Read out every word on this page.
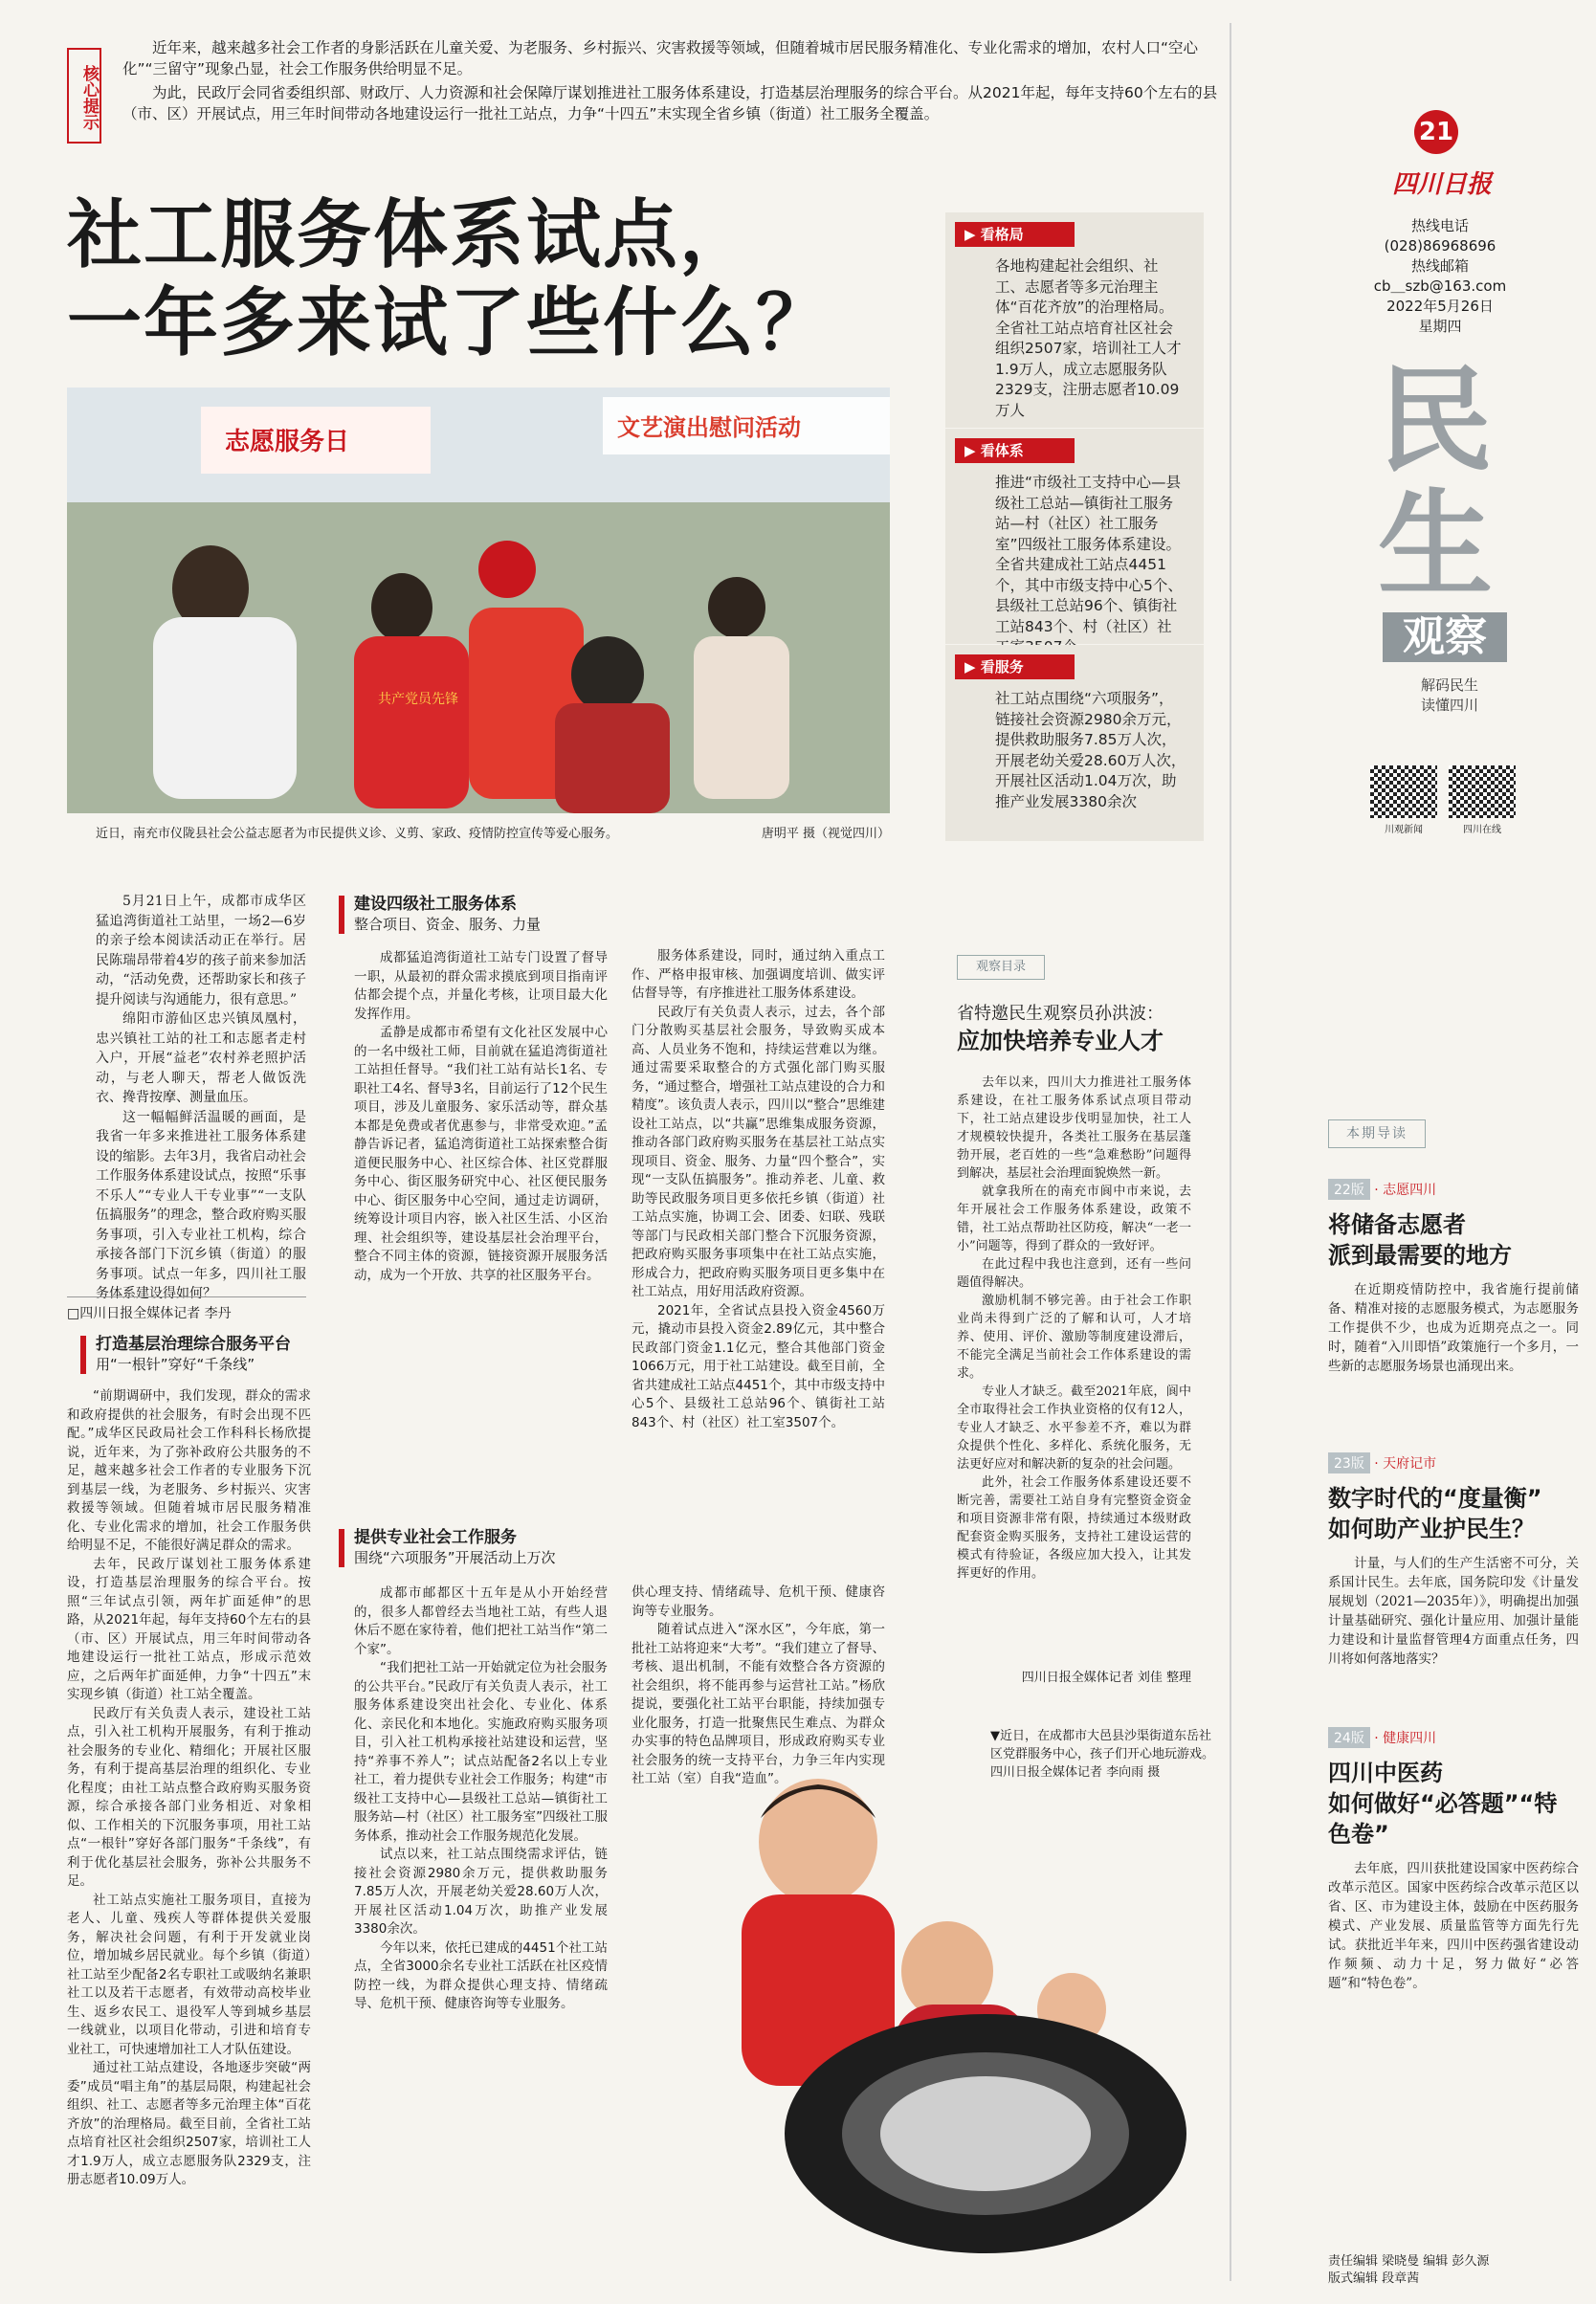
核心提示

近年来，越来越多社会工作者的身影活跃在儿童关爱、为老服务、乡村振兴、灾害救援等领域，但随着城市居民服务精准化、专业化需求的增加，农村人口“空心化”“三留守”现象凸显，社会工作服务供给明显不足。

为此，民政厅会同省委组织部、财政厅、人力资源和社会保障厅谋划推进社工服务体系建设，打造基层治理服务的综合平台。从2021年起，每年支持60个左右的县（市、区）开展试点，用三年时间带动各地建设运行一批社工站点，力争“十四五”末实现全省乡镇（街道）社工服务全覆盖。

社工服务体系试点，
一年多来试了些什么？
志愿服务日	文艺演出慰问活动
共产党员先锋
近日，南充市仪陇县社会公益志愿者为市民提供义诊、义剪、家政、疫情防控宣传等爱心服务。	唐明平 摄（视觉四川）
▶ 看格局
各地构建起社会组织、社工、志愿者等多元治理主体“百花齐放”的治理格局。全省社工站点培育社区社会组织2507家，培训社工人才1.9万人，成立志愿服务队2329支，注册志愿者10.09万人
▶ 看体系
推进“市级社工支持中心—县级社工总站—镇街社工服务站—村（社区）社工服务室”四级社工服务体系建设。全省共建成社工站点4451个，其中市级支持中心5个、县级社工总站96个、镇街社工站843个、村（社区）社
▶ 看服务
社工站点围绕“六项服务”，链接社会资源2980余万元，提供救助服务7.85万人次，开展老幼关爱28.60万人次，开展社区活动1.04万次，助推产业发展3380余次
21
四川日报
热线电话
(028)86968696
热线邮箱
cb＿szb@163.com
2022年5月26日
星期四
民生
观察
解码民生
读懂四川
川观新闻	四川在线

5月21日上午，成都市成华区猛追湾街道社工站里，一场2—6岁的亲子绘本阅读活动正在举行。居民陈瑞昂带着4岁的孩子前来参加活动，“活动免费，还帮助家长和孩子提升阅读与沟通能力，很有意思。”

绵阳市游仙区忠兴镇凤凰村，忠兴镇社工站的社工和志愿者走村入户，开展“益老”农村养老照护活动，与老人聊天，帮老人做饭洗衣、搀背按摩、测量血压。

这一幅幅鲜活温暖的画面，是我省一年多来推进社工服务体系建设的缩影。去年3月，我省启动社会工作服务体系建设试点，按照“乐事不乐人”“专业人干专业事”“一支队伍搞服务”的理念，整合政府购买服务事项，引入专业社工机构，综合承接各部门下沉乡镇（街道）的服务事项。试点一年多，四川社工服务体系建设得如何？

□四川日报全媒体记者 李丹
打造基层治理综合服务平台
用“一根针”穿好“千条线”

“前期调研中，我们发现，群众的需求和政府提供的社会服务，有时会出现不匹配。”成华区民政局社会工作科科长杨欣提说，近年来，为了弥补政府公共服务的不足，越来越多社会工作者的专业服务下沉到基层一线，为老服务、乡村振兴、灾害救援等领域。但随着城市居民服务精准化、专业化需求的增加，社会工作服务供给明显不足，不能很好满足群众的需求。

去年，民政厅谋划社工服务体系建设，打造基层治理服务的综合平台。按照“三年试点引领，两年扩面延伸”的思路，从2021年起，每年支持60个左右的县（市、区）开展试点，用三年时间带动各地建设运行一批社工站点，形成示范效应，之后两年扩面延伸，力争“十四五”末实现乡镇（街道）社工站全覆盖。

民政厅有关负责人表示，建设社工站点，引入社工机构开展服务，有利于推动社会服务的专业化、精细化；开展社区服务，有利于提高基层治理的组织化、专业化程度；由社工站点整合政府购买服务资源，综合承接各部门业务相近、对象相似、工作相关的下沉服务事项，用社工站点“一根针”穿好各部门服务“千条线”，有利于优化基层社会服务，弥补公共服务不足。

社工站点实施社工服务项目，直接为老人、儿童、残疾人等群体提供关爱服务，解决社会问题，有利于开发就业岗位，增加城乡居民就业。每个乡镇（街道）社工站至少配备2名专职社工或吸纳名兼职社工以及若干志愿者，有效带动高校毕业生、返乡农民工、退役军人等到城乡基层一线就业，以项目化带动，引进和培育专业社工，可快速增加社工人才队伍建设。

通过社工站点建设，各地逐步突破“两委”成员“唱主角”的基层局限，构建起社会组织、社工、志愿者等多元治理主体“百花齐放”的治理格局。截至目前，全省社工站点培育社区社会组织2507家，培训社工人才1.9万人，成立志愿服务队2329支，注册志愿者10.09万人。

建设四级社工服务体系
整合项目、资金、服务、力量

成都猛追湾街道社工站专门设置了督导一职，从最初的群众需求摸底到项目指南评估都会提个点，并量化考核，让项目最大化发挥作用。

孟静是成都市希望有文化社区发展中心的一名中级社工师，目前就在猛追湾街道社工站担任督导。“我们社工站有站长1名、专职社工4名、督导3名，目前运行了12个民生项目，涉及儿童服务、家乐活动等，群众基本都是免费或者优惠参与，非常受欢迎。”孟静告诉记者，猛追湾街道社工站探索整合街道便民服务中心、社区综合体、社区党群服务中心、街区服务研究中心、社区便民服务中心、街区服务中心空间，通过走访调研，统筹设计项目内容，嵌入社区生活、小区治理、社会组织等，建设基层社会治理平台，整合不同主体的资源，链接资源开展服务活动，成为一个开放、共享的社区服务平台。

提供专业社会工作服务
围绕“六项服务”开展活动上万次

成都市邮都区十五年是从小开始经营的，很多人都曾经去当地社工站，有些人退休后不愿在家待着，他们把社工站当作“第二个家”。

“我们把社工站一开始就定位为社会服务的公共平台。”民政厅有关负责人表示，社工服务体系建设突出社会化、专业化、体系化、亲民化和本地化。实施政府购买服务项目，引入社工机构承接社站建设和运营，坚持“养事不养人”；试点站配备2名以上专业社工，着力提供专业社会工作服务；构建“市级社工支持中心—县级社工总站—镇街社工服务站—村（社区）社工服务室”四级社工服务体系，推动社会工作服务规范化发展。

试点以来，社工站点围绕需求评估，链接社会资源2980余万元，提供救助服务7.85万人次，开展老幼关爱28.60万人次，开展社区活动1.04万次，助推产业发展3380余次。

今年以来，依托已建成的4451个社工站点，全省3000余名专业社工活跃在社区疫情防控一线，为群众提供心理支持、情绪疏导、危机干预、健康咨询等专业服务。

服务体系建设，同时，通过纳入重点工作、严格申报审核、加强调度培训、做实评估督导等，有序推进社工服务体系建设。

民政厅有关负责人表示，过去，各个部门分散购买基层社会服务，导致购买成本高、人员业务不饱和，持续运营难以为继。通过需要采取整合的方式强化部门购买服务，“通过整合，增强社工站点建设的合力和精度”。该负责人表示，四川以“整合”思维建设社工站点，以“共赢”思维集成服务资源，推动各部门政府购买服务在基层社工站点实现项目、资金、服务、力量“四个整合”，实现“一支队伍搞服务”。推动养老、儿童、救助等民政服务项目更多依托乡镇（街道）社工站点实施，协调工会、团委、妇联、残联等部门与民政相关部门整合下沉服务资源，把政府购买服务事项集中在社工站点实施，形成合力，把政府购买服务项目更多集中在社工站点，用好用活政府资源。

2021年，全省试点县投入资金4560万元，撬动市县投入资金2.89亿元，其中整合民政部门资金1.1亿元，整合其他部门资金1066万元，用于社工站建设。截至目前，全省共建成社工站点4451个，其中市级支持中心5个、县级社工总站96个、镇街社工站843个、村（社区）社工室3507个。

供心理支持、情绪疏导、危机干预、健康咨询等专业服务。

随着试点进入“深水区”，今年底，第一批社工站将迎来“大考”。“我们建立了督导、考核、退出机制，不能有效整合各方资源的社会组织，将不能再参与运营社工站。”杨欣提说，要强化社工站平台职能，持续加强专业化服务，打造一批聚焦民生难点、为群众办实事的特色品牌项目，形成政府购买专业社会服务的统一支持平台，力争三年内实现社工站（室）自我“造血”。

观察目录
省特邀民生观察员孙洪波：
应加快培养专业人才

去年以来，四川大力推进社工服务体系建设，在社工服务体系试点项目带动下，社工站点建设步伐明显加快，社工人才规模较快提升，各类社工服务在基层蓬勃开展，老百姓的一些“急难愁盼”问题得到解决，基层社会治理面貌焕然一新。

就拿我所在的南充市阆中市来说，去年开展社会工作服务体系建设，政策不错，社工站点帮助社区防疫，解决“一老一小”问题等，得到了群众的一致好评。

在此过程中我也注意到，还有一些问题值得解决。

激励机制不够完善。由于社会工作职业尚未得到广泛的了解和认可，人才培养、使用、评价、激励等制度建设滞后，不能完全满足当前社会工作体系建设的需求。

专业人才缺乏。截至2021年底，阆中全市取得社会工作执业资格的仅有12人，专业人才缺乏、水平参差不齐，难以为群众提供个性化、多样化、系统化服务，无法更好应对和解决新的复杂的社会问题。

此外，社会工作服务体系建设还要不断完善，需要社工站自身有完整资金资金和项目资源非常有限，持续通过本级财政配套资金购买服务，支持社工建设运营的模式有待验证，各级应加大投入，让其发挥更好的作用。

四川日报全媒体记者 刘佳 整理
▼近日，在成都市大邑县沙渠街道东岳社区党群服务中心，孩子们开心地玩游戏。
四川日报全媒体记者 李向雨 摄
本期导读
22版 · 志愿四川
将储备志愿者
派到最需要的地方

在近期疫情防控中，我省施行提前储备、精准对接的志愿服务模式，为志愿服务工作提供不少，也成为近期亮点之一。同时，随着“入川即悟”政策施行一个多月，一些新的志愿服务场景也涌现出来。

23版 · 天府记市
数字时代的“度量衡”
如何助产业护民生？

计量，与人们的生产生活密不可分，关系国计民生。去年底，国务院印发《计量发展规划（2021—2035年）》，明确提出加强计量基础研究、强化计量应用、加强计量能力建设和计量监督管理4方面重点任务，四川将如何落地落实？

24版 · 健康四川
四川中医药
如何做好“必答题”“特色卷”

去年底，四川获批建设国家中医药综合改革示范区。国家中医药综合改革示范区以省、区、市为建设主体，鼓励在中医药服务模式、产业发展、质量监管等方面先行先试。获批近半年来，四川中医药强省建设动作频频、动力十足，努力做好“必答题”和“特色卷”。

责任编辑 梁晓曼 编辑 彭久源
版式编辑 段章茜
